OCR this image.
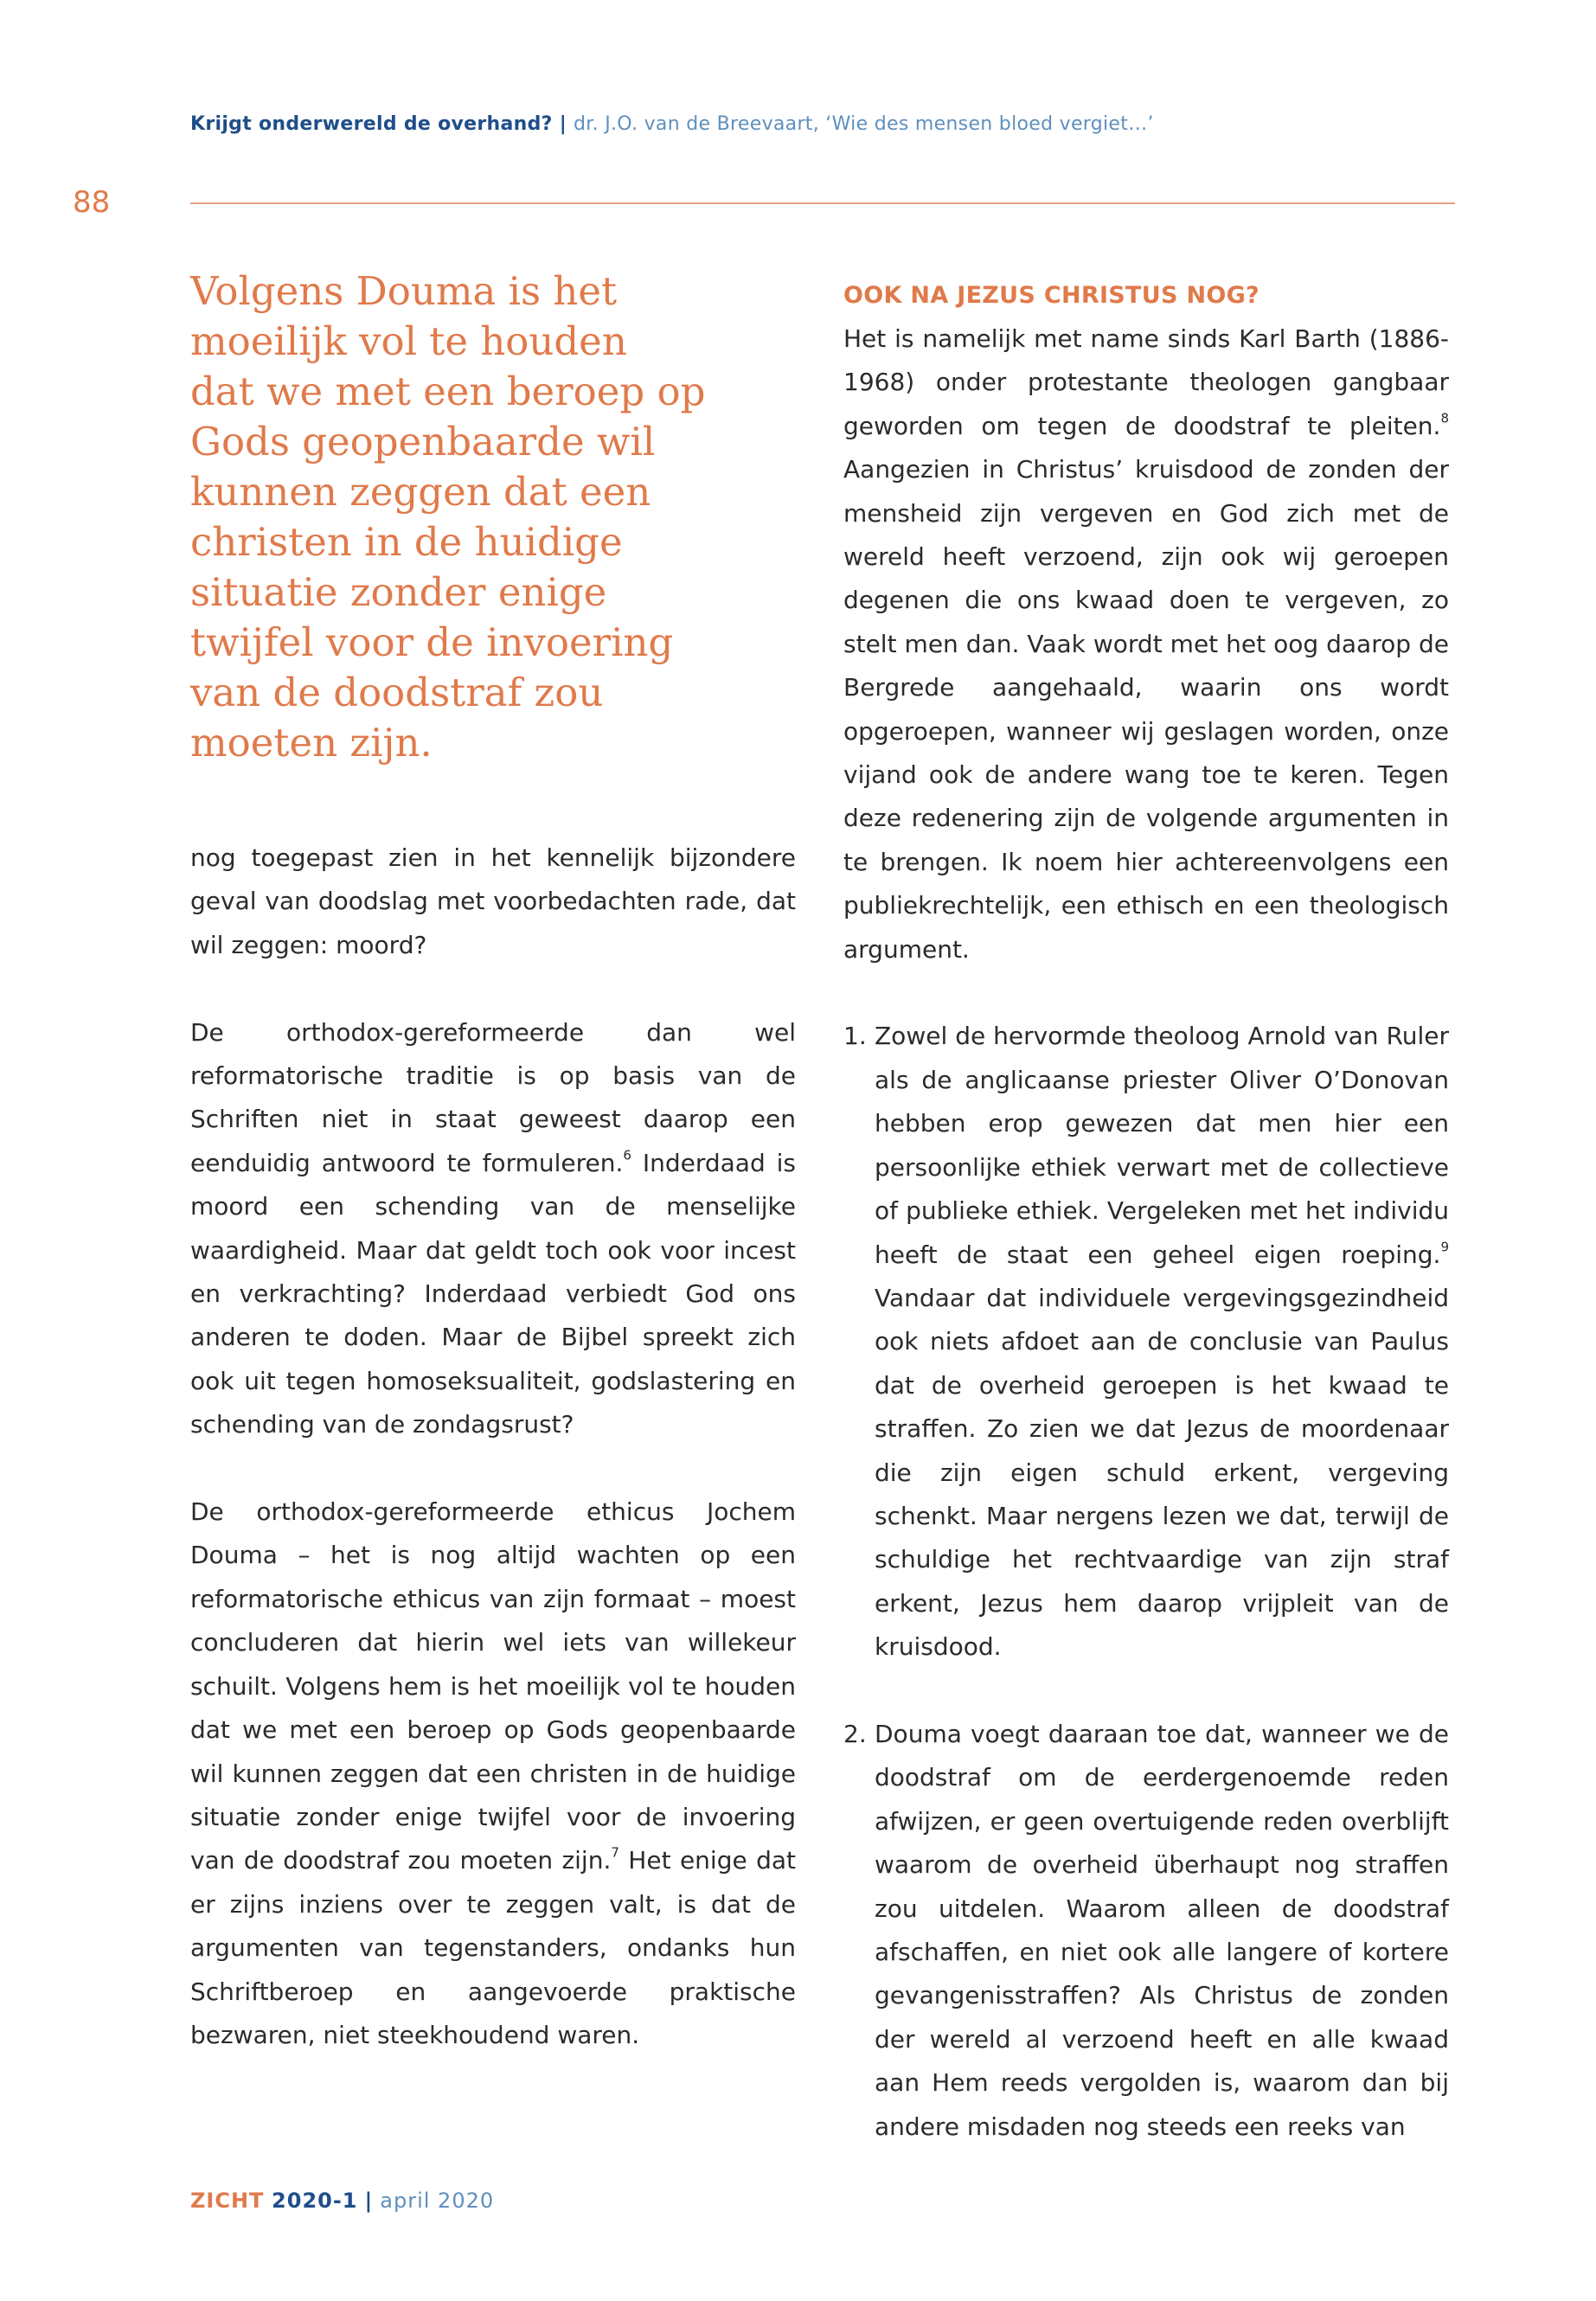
Krijgt onderwereld de overhand? | dr. J.O. van de Breevaart, ‘Wie des mensen bloed vergiet…’
88
Volgens Douma is het
moeilijk vol te houden
dat we met een beroep op
Gods geopenbaarde wil
kunnen zeggen dat een
christen in de huidige
situatie zonder enige
twijfel voor de invoering
van de doodstraf zou
moeten zijn.

nog toegepast zien in het kennelijk bijzondere geval van doodslag met voorbedachten rade, dat wil zeggen: moord?

De orthodox-gereformeerde dan wel reformatorische traditie is op basis van de Schriften niet in staat geweest daarop een eenduidig antwoord te formuleren.$^6$ Inderdaad is moord een schending van de menselijke waardigheid. Maar dat geldt toch ook voor incest en verkrachting? Inderdaad verbiedt God ons anderen te doden. Maar de Bijbel spreekt zich ook uit tegen homoseksualiteit, godslastering en schending van de zondagsrust?

De orthodox-gereformeerde ethicus Jochem Douma – het is nog altijd wachten op een reformatorische ethicus van zijn formaat – moest concluderen dat hierin wel iets van willekeur schuilt. Volgens hem is het moeilijk vol te houden dat we met een beroep op Gods geopenbaarde wil kunnen zeggen dat een christen in de huidige situatie zonder enige twijfel voor de invoering van de doodstraf zou moeten zijn.$^7$ Het enige dat er zijns inziens over te zeggen valt, is dat de argumenten van tegenstanders, ondanks hun Schriftberoep en aangevoerde praktische bezwaren, niet steekhoudend waren.

OOK NA JEZUS CHRISTUS NOG?

Het is namelijk met name sinds Karl Barth (1886-1968) onder protestante theologen gangbaar geworden om tegen de doodstraf te pleiten.$^8$ Aangezien in Christus’ kruisdood de zonden der mensheid zijn vergeven en God zich met de wereld heeft verzoend, zijn ook wij geroepen degenen die ons kwaad doen te vergeven, zo stelt men dan. Vaak wordt met het oog daarop de Bergrede aangehaald, waarin ons wordt opgeroepen, wanneer wij geslagen worden, onze vijand ook de andere wang toe te keren. Tegen deze redenering zijn de volgende argumenten in te brengen. Ik noem hier achtereenvolgens een publiekrechtelijk, een ethisch en een theologisch argument.

1. Zowel de hervormde theoloog Arnold van Ruler als de anglicaanse priester Oliver O’Donovan hebben erop gewezen dat men hier een persoonlijke ethiek verwart met de collectieve of publieke ethiek. Vergeleken met het individu heeft de staat een geheel eigen roeping.$^9$ Vandaar dat individuele vergevingsgezindheid ook niets afdoet aan de conclusie van Paulus dat de overheid geroepen is het kwaad te straffen. Zo zien we dat Jezus de moordenaar die zijn eigen schuld erkent, vergeving schenkt. Maar nergens lezen we dat, terwijl de schuldige het rechtvaardige van zijn straf erkent, Jezus hem daarop vrijpleit van de kruisdood.
2. Douma voegt daaraan toe dat, wanneer we de doodstraf om de eerdergenoemde reden afwijzen, er geen overtuigende reden overblijft waarom de overheid überhaupt nog straffen zou uitdelen. Waarom alleen de doodstraf afschaffen, en niet ook alle langere of kortere gevangenisstraffen? Als Christus de zonden der wereld al verzoend heeft en alle kwaad aan Hem reeds vergolden is, waarom dan bij andere misdaden nog steeds een reeks van
ZICHT 2020-1 | april 2020
